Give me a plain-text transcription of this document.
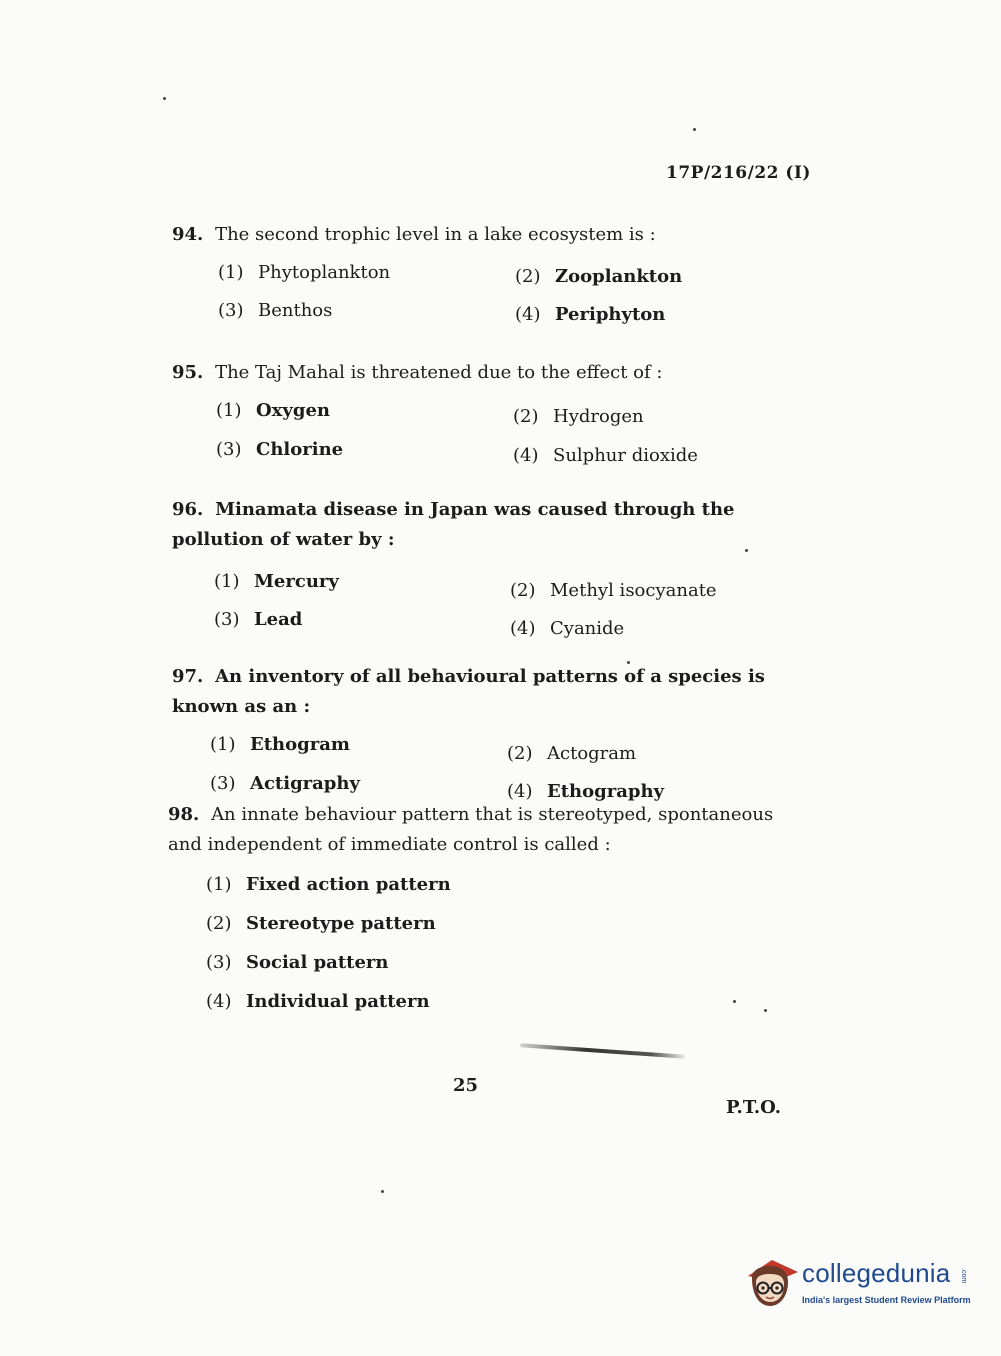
17P/216/22 (I)
94. The second trophic level in a lake ecosystem is :
(1) Phytoplankton	(2) Zooplankton
(3) Benthos	(4) Periphyton
95. The Taj Mahal is threatened due to the effect of :
(1) Oxygen	(2) Hydrogen
(3) Chlorine	(4) Sulphur dioxide
96. Minamata disease in Japan was caused through the pollution of water by :
(1) Mercury	(2) Methyl isocyanate
(3) Lead	(4) Cyanide
97. An inventory of all behavioural patterns of a species is known as an :
(1) Ethogram	(2) Actogram
(3) Actigraphy	(4) Ethography
98. An innate behaviour pattern that is stereotyped, spontaneous and independent of immediate control is called :
(1) Fixed action pattern
(2) Stereotype pattern
(3) Social pattern
(4) Individual pattern
25
P.T.O.
collegedunia .com
India's largest Student Review Platform
